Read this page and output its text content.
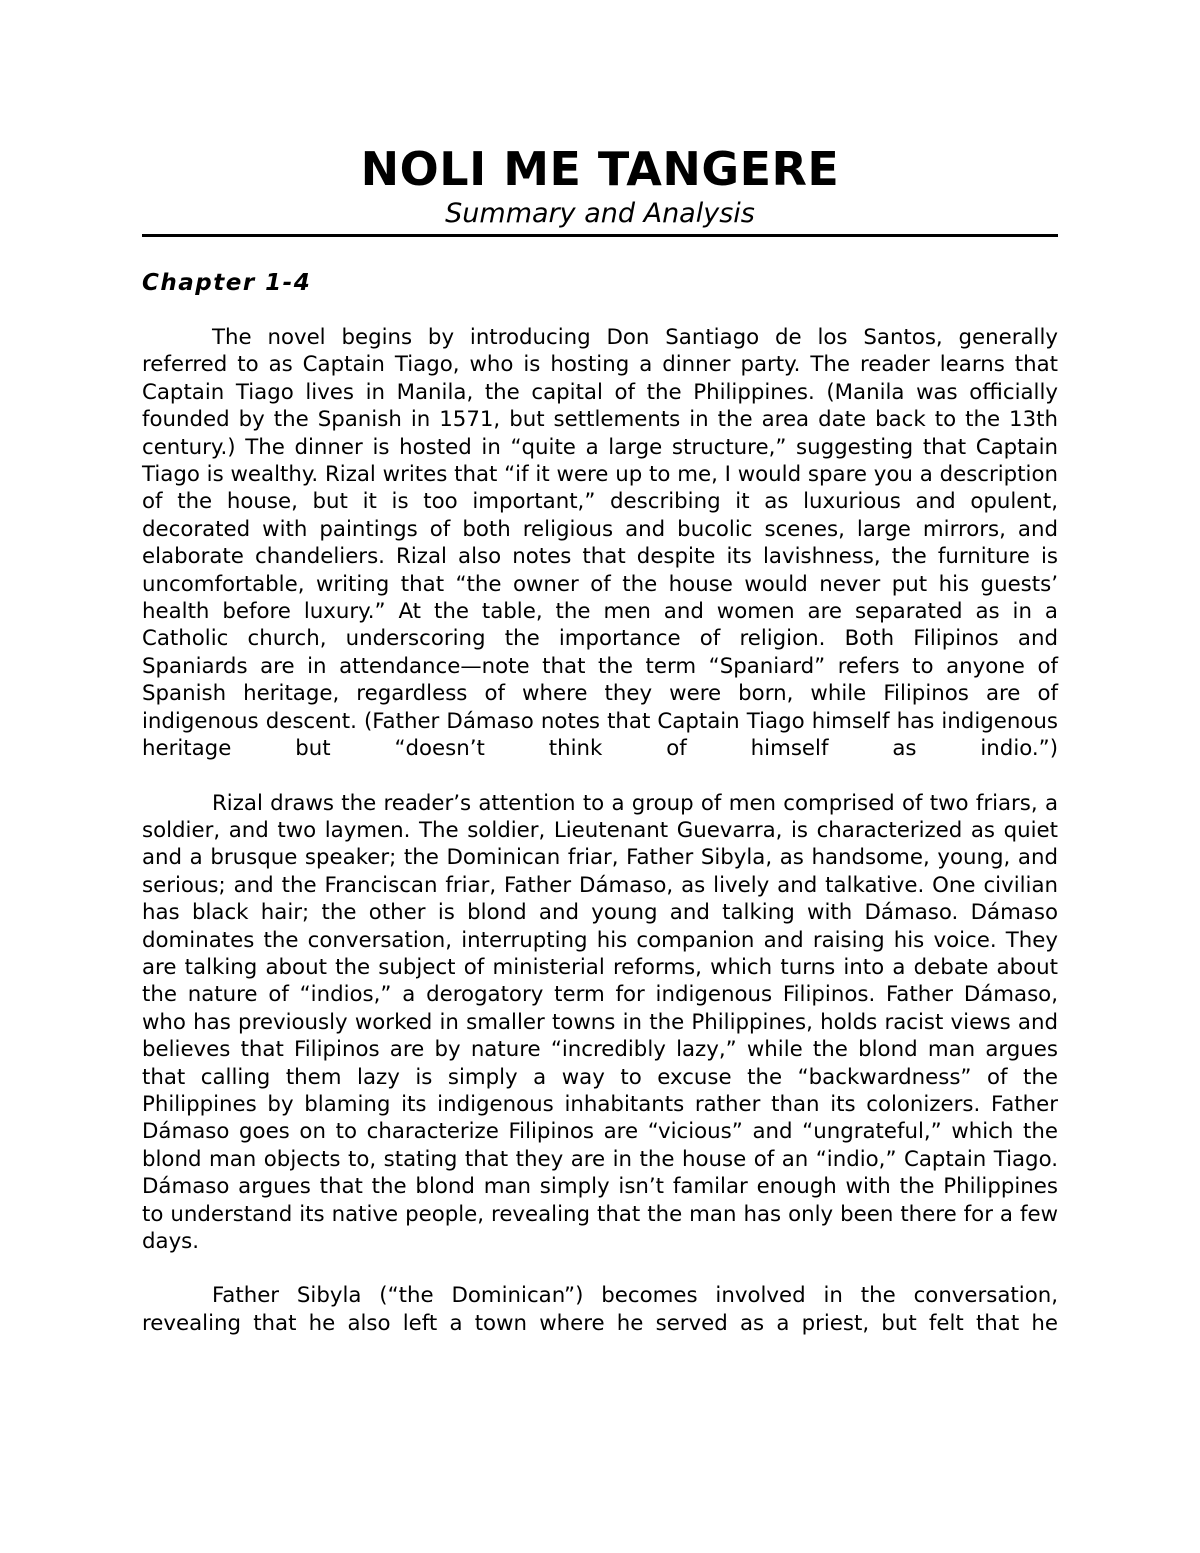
NOLI ME TANGERE
Summary and Analysis
Chapter 1-4

The novel begins by introducing Don Santiago de los Santos, generally referred to as Captain Tiago, who is hosting a dinner party. The reader learns that Captain Tiago lives in Manila, the capital of the Philippines. (Manila was officially founded by the Spanish in 1571, but settlements in the area date back to the 13th century.) The dinner is hosted in “quite a large structure,” suggesting that Captain Tiago is wealthy. Rizal writes that “if it were up to me, I would spare you a description of the house, but it is too important,” describing it as luxurious and opulent, decorated with paintings of both religious and bucolic scenes, large mirrors, and elaborate chandeliers. Rizal also notes that despite its lavishness, the furniture is uncomfortable, writing that “the owner of the house would never put his guests’ health before luxury.” At the table, the men and women are separated as in a Catholic church, underscoring the importance of religion. Both Filipinos and Spaniards are in attendance—note that the term “Spaniard” refers to anyone of Spanish heritage, regardless of where they were born, while Filipinos are of indigenous descent. (Father Dámaso notes that Captain Tiago himself has indigenous heritage but “doesn’t think of himself as indio.”)

Rizal draws the reader’s attention to a group of men comprised of two friars, a soldier, and two laymen. The soldier, Lieutenant Guevarra, is characterized as quiet and a brusque speaker; the Dominican friar, Father Sibyla, as handsome, young, and serious; and the Franciscan friar, Father Dámaso, as lively and talkative. One civilian has black hair; the other is blond and young and talking with Dámaso. Dámaso dominates the conversation, interrupting his companion and raising his voice. They are talking about the subject of ministerial reforms, which turns into a debate about the nature of “indios,” a derogatory term for indigenous Filipinos. Father Dámaso, who has previously worked in smaller towns in the Philippines, holds racist views and believes that Filipinos are by nature “incredibly lazy,” while the blond man argues that calling them lazy is simply a way to excuse the “backwardness” of the Philippines by blaming its indigenous inhabitants rather than its colonizers. Father Dámaso goes on to characterize Filipinos are “vicious” and “ungrateful,” which the blond man objects to, stating that they are in the house of an “indio,” Captain Tiago. Dámaso argues that the blond man simply isn’t familar enough with the Philippines to understand its native people, revealing that the man has only been there for a few days.

Father Sibyla (“the Dominican”) becomes involved in the conversation, revealing that he also left a town where he served as a priest, but felt that he
